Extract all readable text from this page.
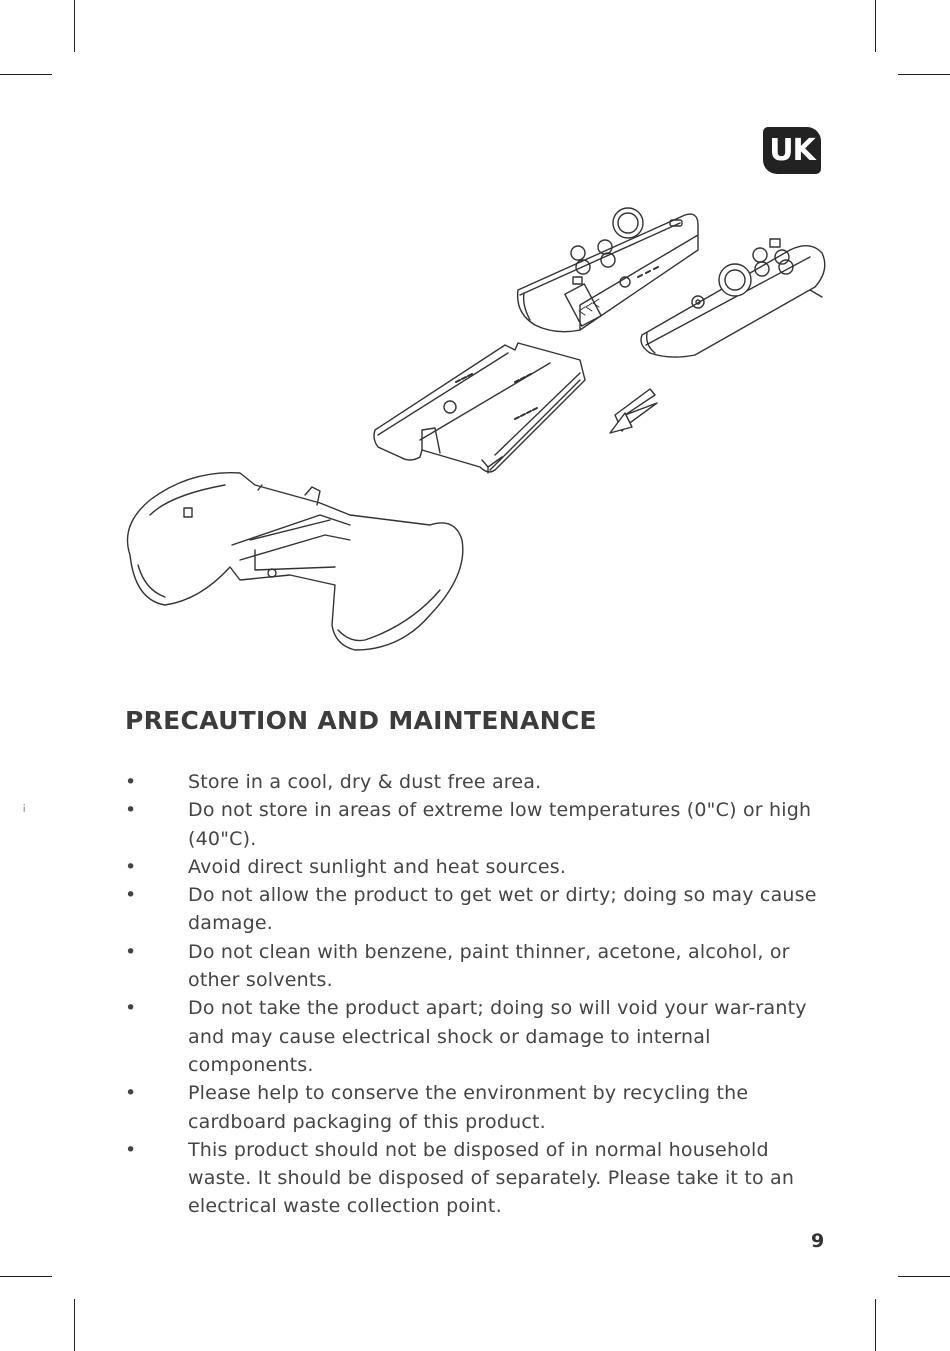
UK
PRECAUTION AND MAINTENANCE
¡
•	Store in a cool, dry & dust free area.
•	Do not store in areas of extreme low temperatures (0"C) or high (40"C).
•	Avoid direct sunlight and heat sources.
•	Do not allow the product to get wet or dirty; doing so may cause damage.
•	Do not clean with benzene, paint thinner, acetone, alcohol, or other solvents.
•	Do not take the product apart; doing so will void your war-ranty and may cause electrical shock or damage to internal components.
•	Please help to conserve the environment by recycling the cardboard packaging of this product.
•	This product should not be disposed of in normal household waste. It should be disposed of separately. Please take it to an electrical waste collection point.
9
